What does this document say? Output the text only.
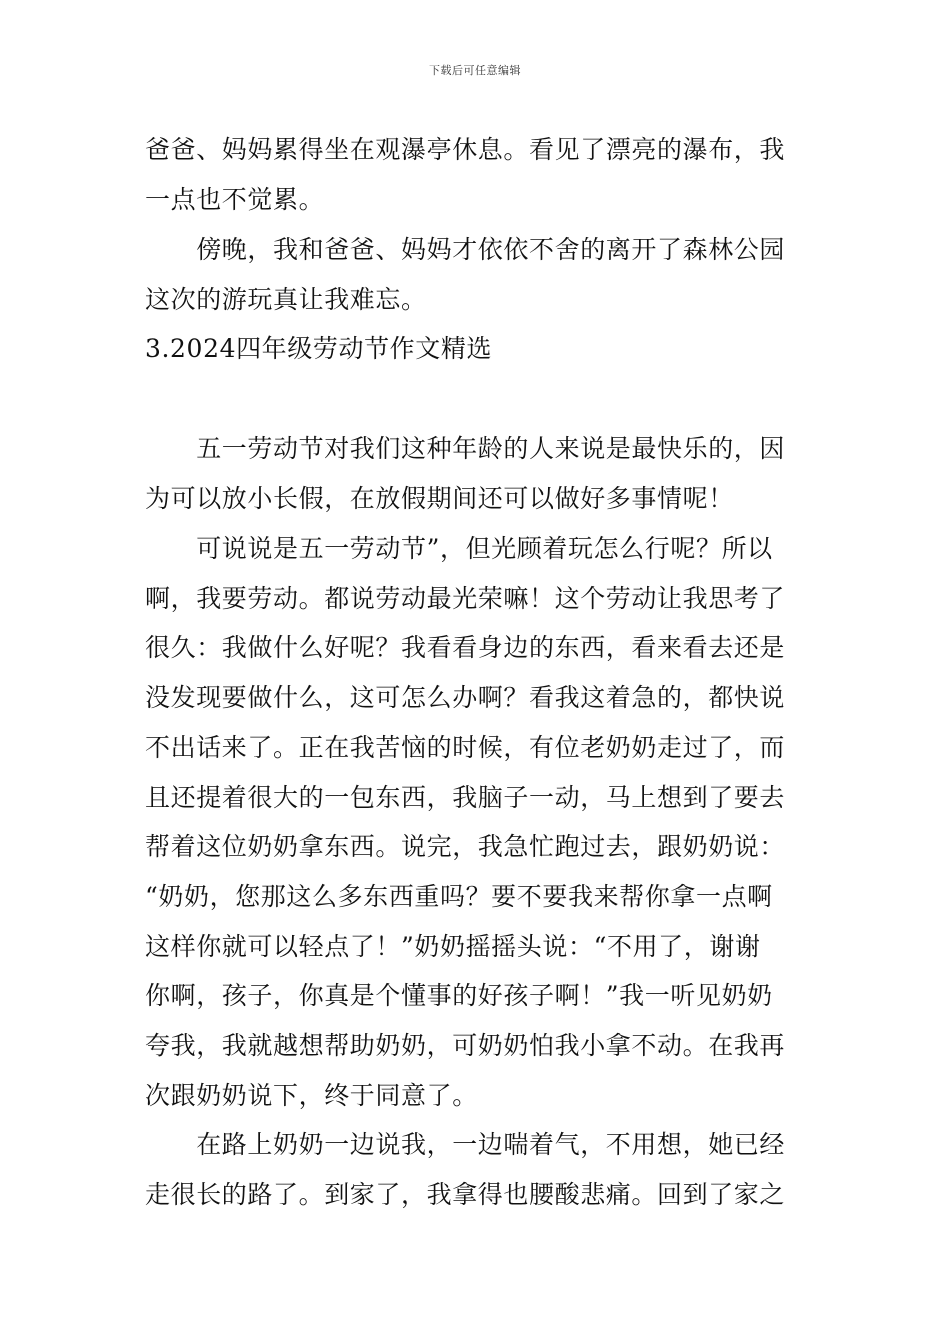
下载后可任意编辑
爸爸、妈妈累得坐在观瀑亭休息。看见了漂亮的瀑布，我
一点也不觉累。
　　傍晚，我和爸爸、妈妈才依依不舍的离开了森林公园
这次的游玩真让我难忘。
3.2024四年级劳动节作文精选
　　五一劳动节对我们这种年龄的人来说是最快乐的，因
为可以放小长假，在放假期间还可以做好多事情呢！
　　可说说是五一劳动节”，但光顾着玩怎么行呢？所以
啊，我要劳动。都说劳动最光荣嘛！这个劳动让我思考了
很久：我做什么好呢？我看看身边的东西，看来看去还是
没发现要做什么，这可怎么办啊？看我这着急的，都快说
不出话来了。正在我苦恼的时候，有位老奶奶走过了，而
且还提着很大的一包东西，我脑子一动，马上想到了要去
帮着这位奶奶拿东西。说完，我急忙跑过去，跟奶奶说：
“奶奶，您那这么多东西重吗？要不要我来帮你拿一点啊
这样你就可以轻点了！”奶奶摇摇头说：“不用了，谢谢
你啊，孩子，你真是个懂事的好孩子啊！”我一听见奶奶
夸我，我就越想帮助奶奶，可奶奶怕我小拿不动。在我再
次跟奶奶说下，终于同意了。
　　在路上奶奶一边说我，一边喘着气，不用想，她已经
走很长的路了。到家了，我拿得也腰酸悲痛。回到了家之
